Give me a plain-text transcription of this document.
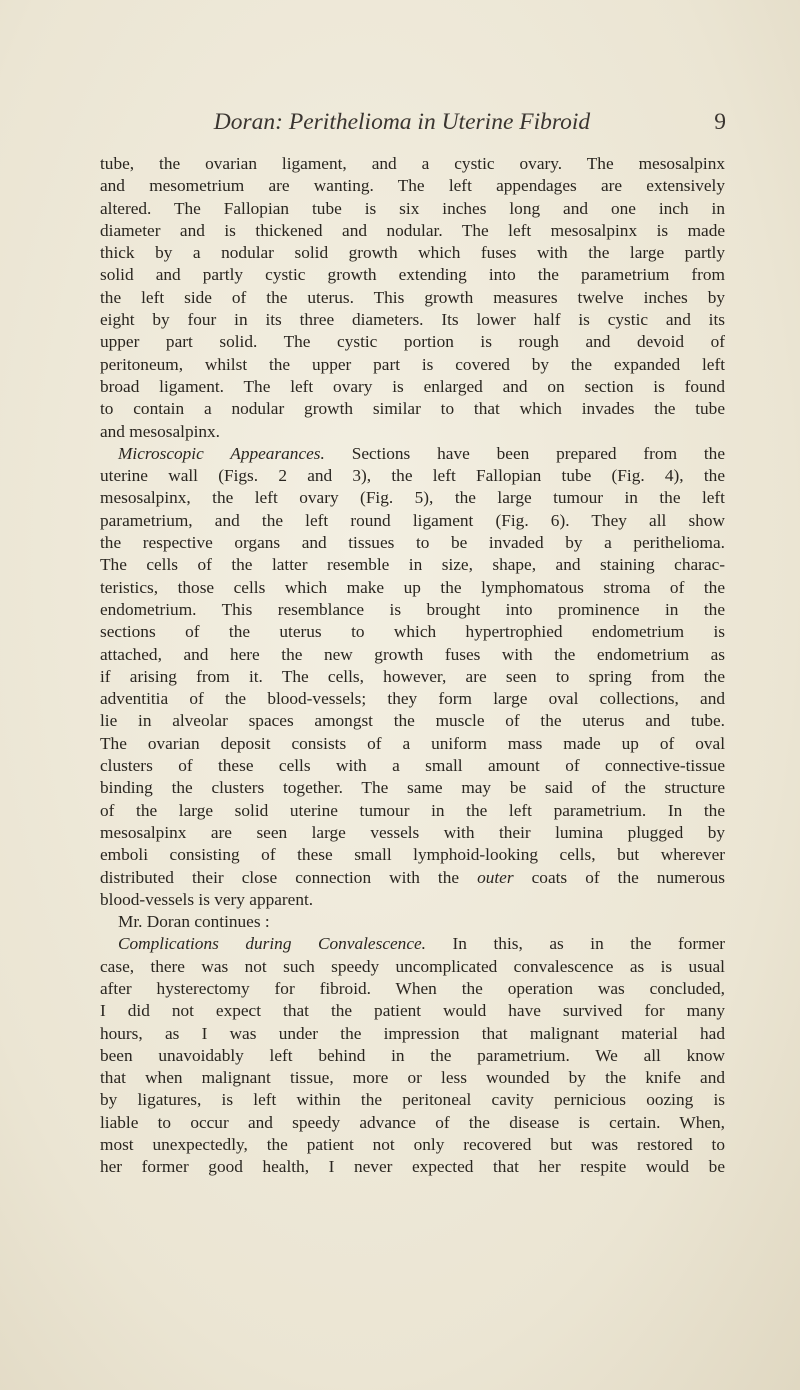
Doran: Perithelioma in Uterine Fibroid	9
tube, the ovarian ligament, and a cystic ovary. The mesosalpinx
and mesometrium are wanting. The left appendages are extensively
altered. The Fallopian tube is six inches long and one inch in
diameter and is thickened and nodular. The left mesosalpinx is made
thick by a nodular solid growth which fuses with the large partly
solid and partly cystic growth extending into the parametrium from
the left side of the uterus. This growth measures twelve inches by
eight by four in its three diameters. Its lower half is cystic and its
upper part solid. The cystic portion is rough and devoid of
peritoneum, whilst the upper part is covered by the expanded left
broad ligament. The left ovary is enlarged and on section is found
to contain a nodular growth similar to that which invades the tube
and mesosalpinx.
Microscopic Appearances. Sections have been prepared from the
uterine wall (Figs. 2 and 3), the left Fallopian tube (Fig. 4), the
mesosalpinx, the left ovary (Fig. 5), the large tumour in the left
parametrium, and the left round ligament (Fig. 6). They all show
the respective organs and tissues to be invaded by a perithelioma.
The cells of the latter resemble in size, shape, and staining charac-
teristics, those cells which make up the lymphomatous stroma of the
endometrium. This resemblance is brought into prominence in the
sections of the uterus to which hypertrophied endometrium is
attached, and here the new growth fuses with the endometrium as
if arising from it. The cells, however, are seen to spring from the
adventitia of the blood-vessels; they form large oval collections, and
lie in alveolar spaces amongst the muscle of the uterus and tube.
The ovarian deposit consists of a uniform mass made up of oval
clusters of these cells with a small amount of connective-tissue
binding the clusters together. The same may be said of the structure
of the large solid uterine tumour in the left parametrium. In the
mesosalpinx are seen large vessels with their lumina plugged by
emboli consisting of these small lymphoid-looking cells, but wherever
distributed their close connection with the outer coats of the numerous
blood-vessels is very apparent.
Mr. Doran continues :
Complications during Convalescence. In this, as in the former
case, there was not such speedy uncomplicated convalescence as is usual
after hysterectomy for fibroid. When the operation was concluded,
I did not expect that the patient would have survived for many
hours, as I was under the impression that malignant material had
been unavoidably left behind in the parametrium. We all know
that when malignant tissue, more or less wounded by the knife and
by ligatures, is left within the peritoneal cavity pernicious oozing is
liable to occur and speedy advance of the disease is certain. When,
most unexpectedly, the patient not only recovered but was restored to
her former good health, I never expected that her respite would be
